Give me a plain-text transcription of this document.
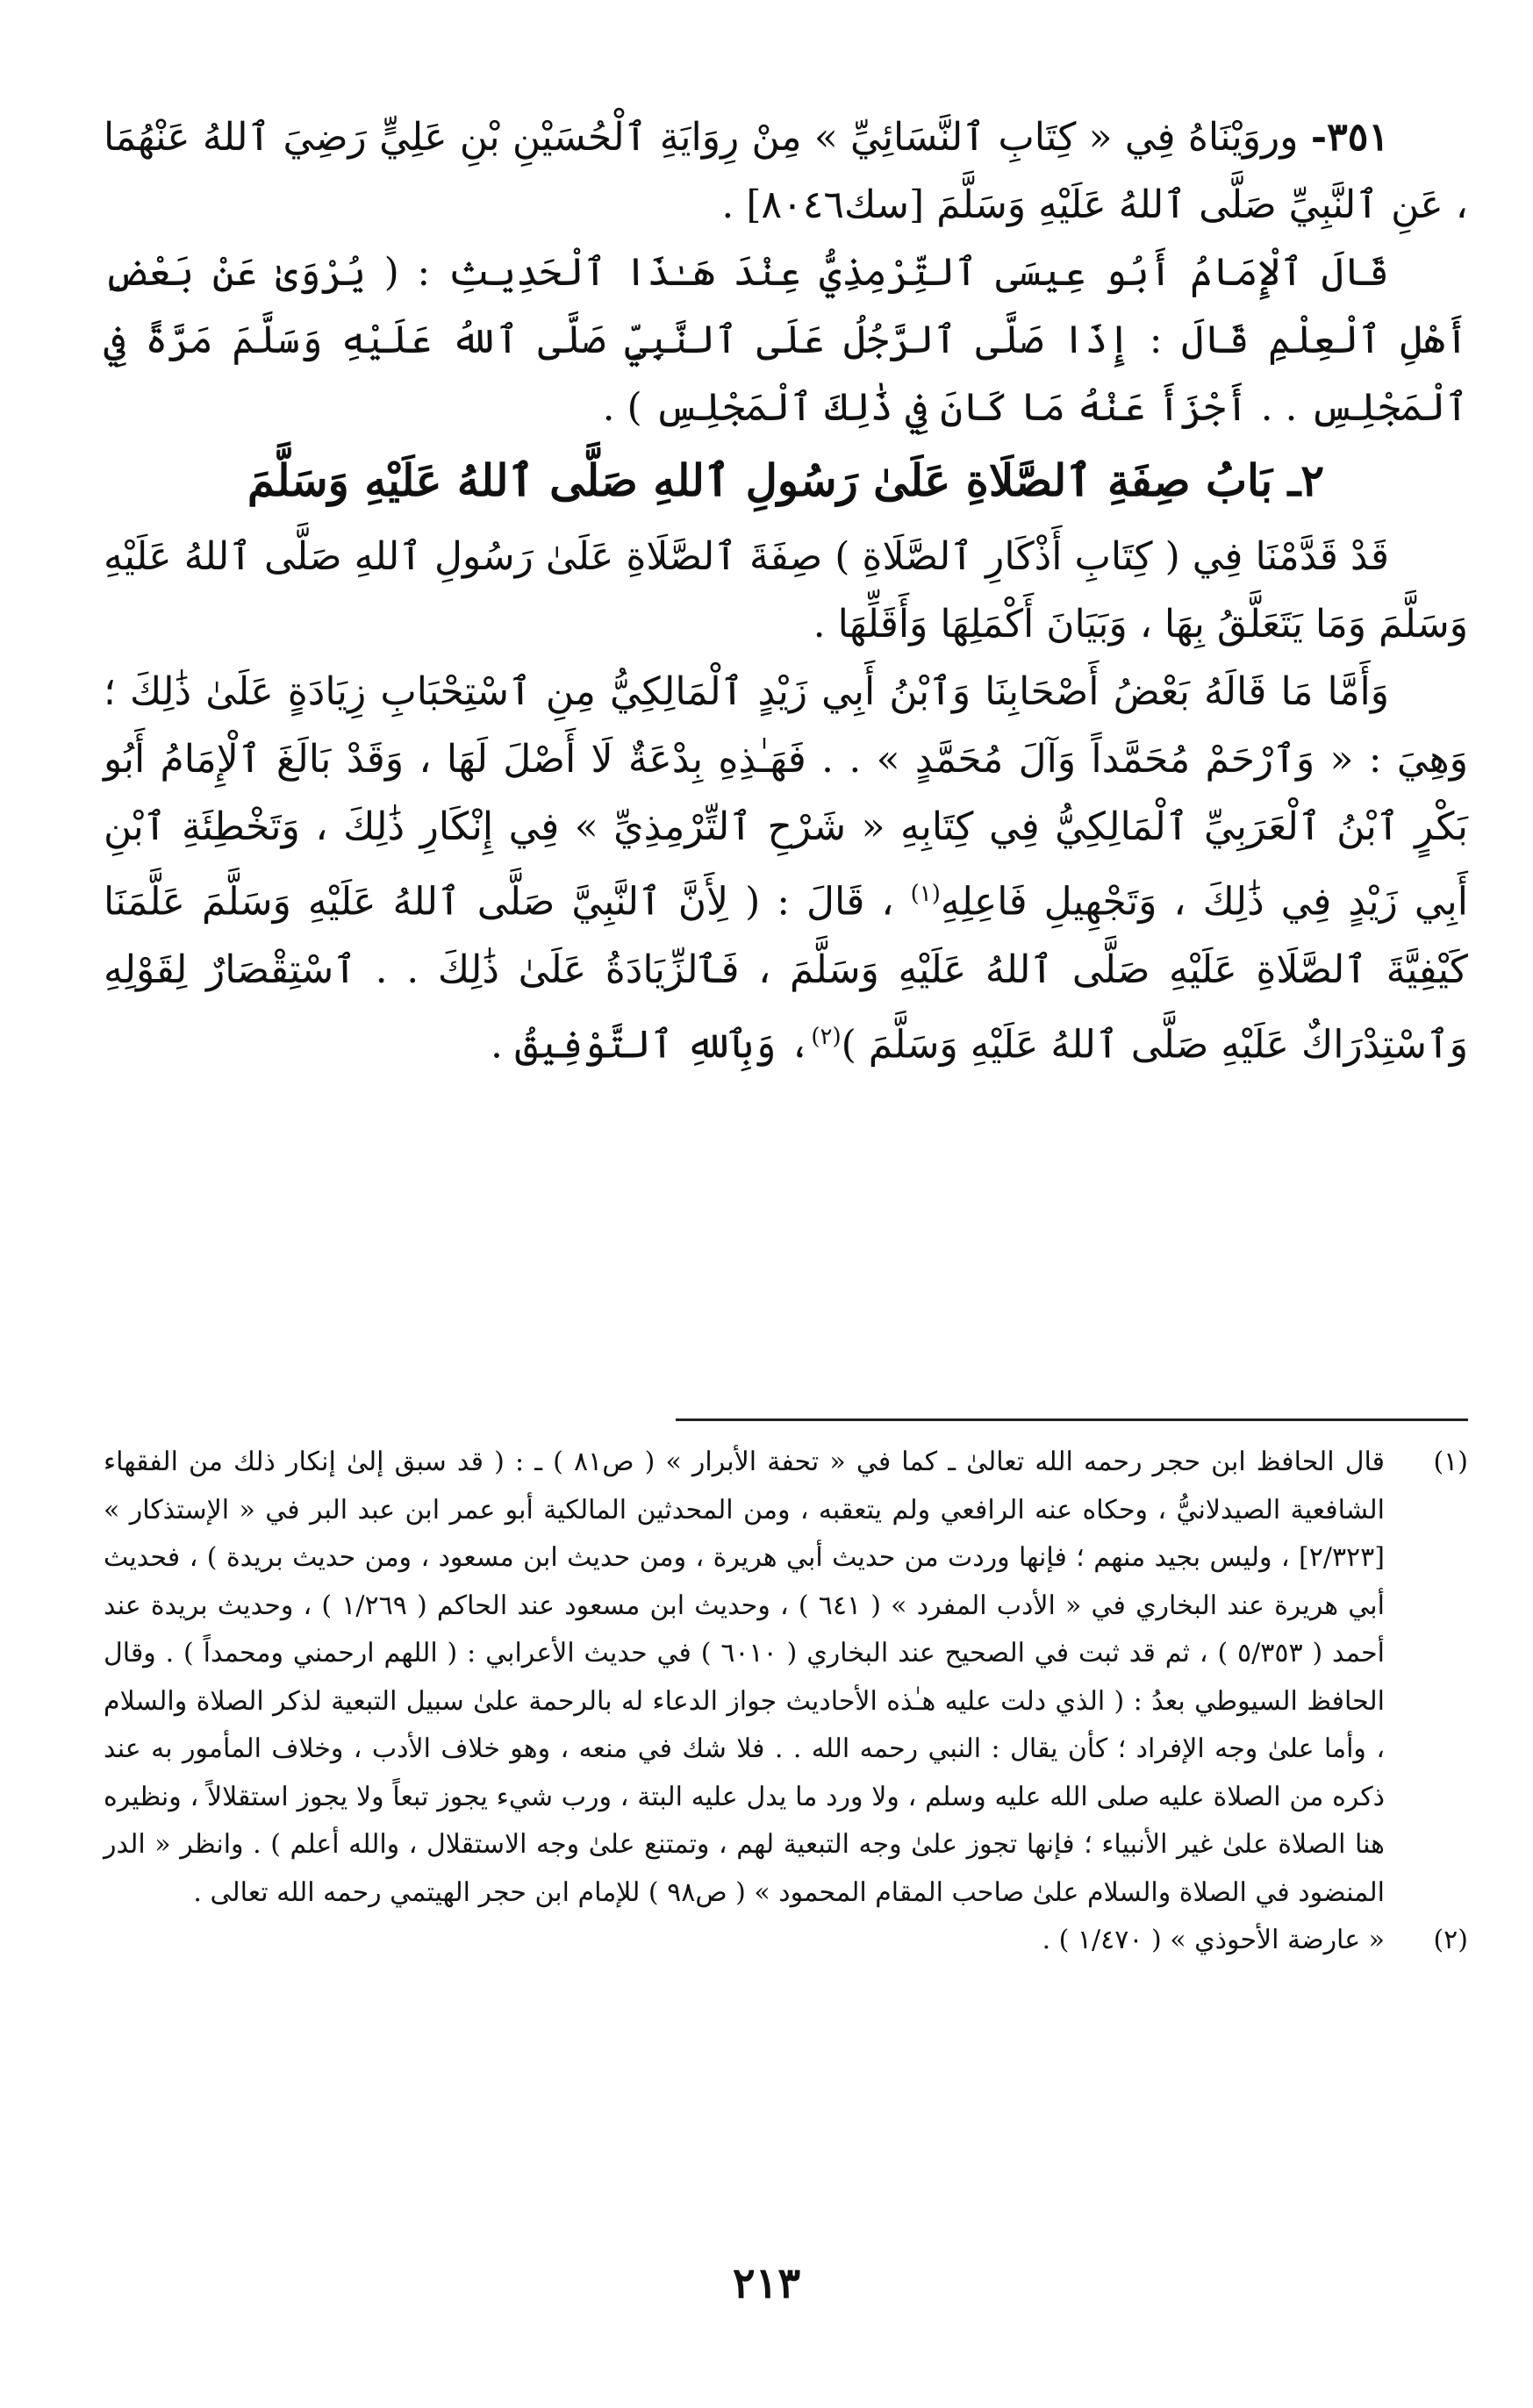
٣٥١- وروَيْنَاهُ فِي « كِتَابِ ٱلنَّسَائِيِّ » مِنْ رِوَايَةِ ٱلْحُسَيْنِ بْنِ عَلِيٍّ رَضِيَ ٱللهُ عَنْهُمَا ، عَنِ ٱلنَّبِيِّ صَلَّى ٱللهُ عَلَيْهِ وَسَلَّمَ [سك٨٠٤٦] .

قَالَ ٱلْإِمَامُ أَبُو عِيسَى ٱلتِّرْمِذِيُّ عِنْدَ هَـٰذَا ٱلْحَدِيثِ : ( يُرْوَىٰ عَنْ بَعْضِ أَهْلِ ٱلْعِلْمِ قَالَ : إِذَا صَلَّى ٱلرَّجُلُ عَلَى ٱلنَّبِيِّ صَلَّى ٱللهُ عَلَيْهِ وَسَلَّمَ مَرَّةً فِي ٱلْمَجْلِسِ . . أَجْزَأَ عَنْهُ مَا كَانَ فِي ذَٰلِكَ ٱلْمَجْلِسِ ) .

٢ـ بَابُ صِفَةِ ٱلصَّلَاةِ عَلَىٰ رَسُولِ ٱللهِ صَلَّى ٱللهُ عَلَيْهِ وَسَلَّمَ

قَدْ قَدَّمْنَا فِي ( كِتَابِ أَذْكَارِ ٱلصَّلَاةِ ) صِفَةَ ٱلصَّلَاةِ عَلَىٰ رَسُولِ ٱللهِ صَلَّى ٱللهُ عَلَيْهِ وَسَلَّمَ وَمَا يَتَعَلَّقُ بِهَا ، وَبَيَانَ أَكْمَلِهَا وَأَقَلِّهَا .

وَأَمَّا مَا قَالَهُ بَعْضُ أَصْحَابِنَا وَٱبْنُ أَبِي زَيْدٍ ٱلْمَالِكِيُّ مِنِ ٱسْتِحْبَابِ زِيَادَةٍ عَلَىٰ ذَٰلِكَ ؛ وَهِيَ : « وَٱرْحَمْ مُحَمَّداً وَآلَ مُحَمَّدٍ » . . فَهَـٰذِهِ بِدْعَةٌ لَا أَصْلَ لَهَا ، وَقَدْ بَالَغَ ٱلْإِمَامُ أَبُو بَكْرٍ ٱبْنُ ٱلْعَرَبِيِّ ٱلْمَالِكِيُّ فِي كِتَابِهِ « شَرْحِ ٱلتِّرْمِذِيِّ » فِي إِنْكَارِ ذَٰلِكَ ، وَتَخْطِئَةِ ٱبْنِ أَبِي زَيْدٍ فِي ذَٰلِكَ ، وَتَجْهِيلِ فَاعِلِهِ$^{(١)}$ ، قَالَ : ( لِأَنَّ ٱلنَّبِيَّ صَلَّى ٱللهُ عَلَيْهِ وَسَلَّمَ عَلَّمَنَا كَيْفِيَّةَ ٱلصَّلَاةِ عَلَيْهِ صَلَّى ٱللهُ عَلَيْهِ وَسَلَّمَ ، فَٱلزِّيَادَةُ عَلَىٰ ذَٰلِكَ . . ٱسْتِقْصَارٌ لِقَوْلِهِ وَٱسْتِدْرَاكٌ عَلَيْهِ صَلَّى ٱللهُ عَلَيْهِ وَسَلَّمَ )$^{(٢)}$، وَبِٱللهِ ٱلتَّوْفِيقُ .

(١)

قال الحافظ ابن حجر رحمه الله تعالىٰ ـ كما في « تحفة الأبرار » ( ص٨١ ) ـ : ( قد سبق إلىٰ إنكار ذلك من الفقهاء الشافعية الصيدلانيُّ ، وحكاه عنه الرافعي ولم يتعقبه ، ومن المحدثين المالكية أبو عمر ابن عبد البر في « الإستذكار » [٢/٣٢٣] ، وليس بجيد منهم ؛ فإنها وردت من حديث أبي هريرة ، ومن حديث ابن مسعود ، ومن حديث بريدة ) ، فحديث أبي هريرة عند البخاري في « الأدب المفرد » ( ٦٤١ ) ، وحديث ابن مسعود عند الحاكم ( ١/٢٦٩ ) ، وحديث بريدة عند أحمد ( ٥/٣٥٣ ) ، ثم قد ثبت في الصحيح عند البخاري ( ٦٠١٠ ) في حديث الأعرابي : ( اللهم ارحمني ومحمداً ) . وقال الحافظ السيوطي بعدُ : ( الذي دلت عليه هـٰذه الأحاديث جواز الدعاء له بالرحمة علىٰ سبيل التبعية لذكر الصلاة والسلام ، وأما علىٰ وجه الإفراد ؛ كأن يقال : النبي رحمه الله . . فلا شك في منعه ، وهو خلاف الأدب ، وخلاف المأمور به عند ذكره من الصلاة عليه صلى الله عليه وسلم ، ولا ورد ما يدل عليه البتة ، ورب شيء يجوز تبعاً ولا يجوز استقلالاً ، ونظيره هنا الصلاة علىٰ غير الأنبياء ؛ فإنها تجوز علىٰ وجه التبعية لهم ، وتمتنع علىٰ وجه الاستقلال ، والله أعلم ) . وانظر « الدر المنضود في الصلاة والسلام علىٰ صاحب المقام المحمود » ( ص٩٨ ) للإمام ابن حجر الهيتمي رحمه الله تعالى .

(٢)

« عارضة الأحوذي » ( ١/٤٧٠ ) .

٢١٣
